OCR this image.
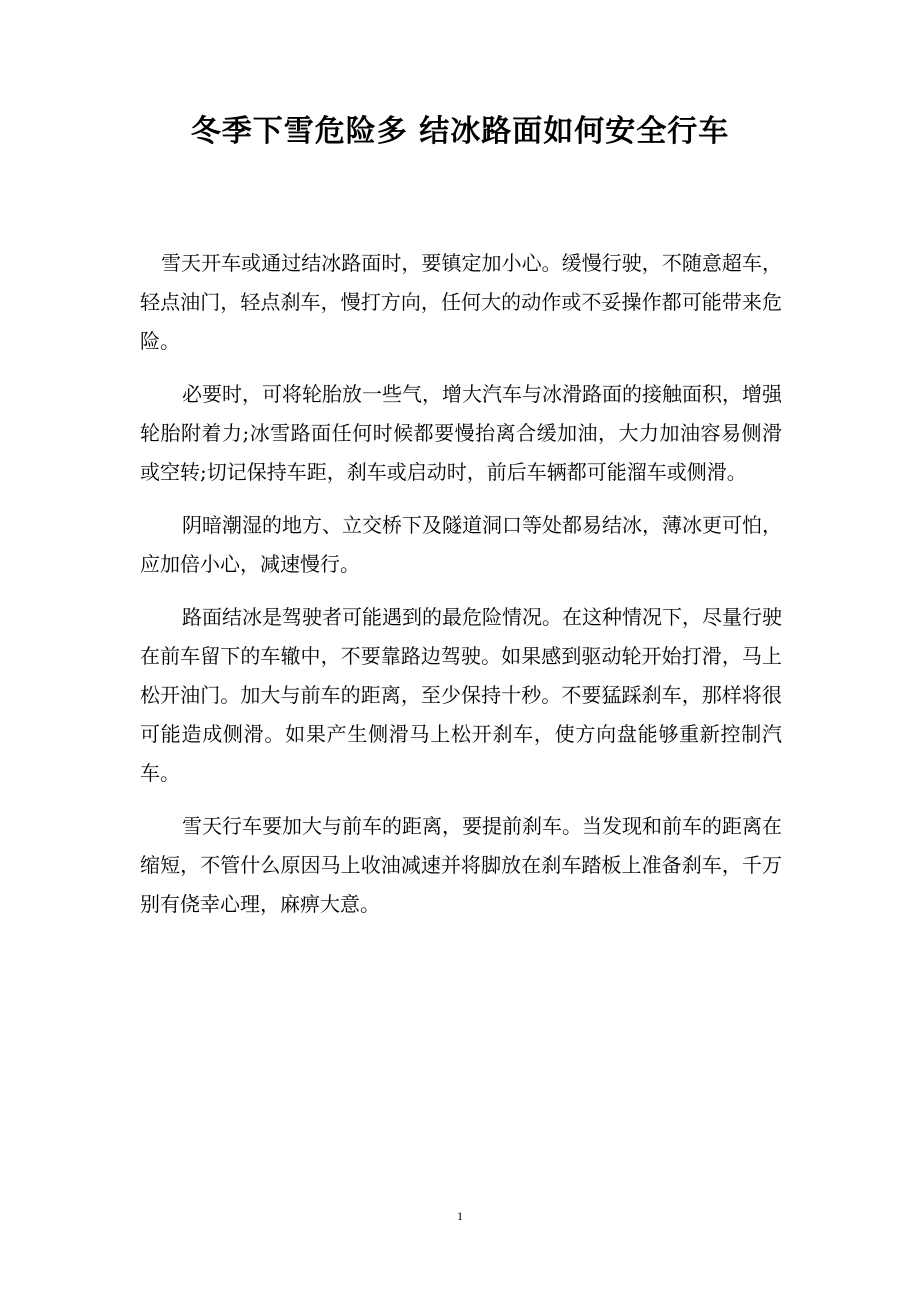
冬季下雪危险多 结冰路面如何安全行车

雪天开车或通过结冰路面时，要镇定加小心。缓慢行驶，不随意超车，轻点油门，轻点刹车，慢打方向，任何大的动作或不妥操作都可能带来危险。

必要时，可将轮胎放一些气，增大汽车与冰滑路面的接触面积，增强轮胎附着力;冰雪路面任何时候都要慢抬离合缓加油，大力加油容易侧滑或空转;切记保持车距，刹车或启动时，前后车辆都可能溜车或侧滑。

阴暗潮湿的地方、立交桥下及隧道洞口等处都易结冰，薄冰更可怕，应加倍小心，减速慢行。

路面结冰是驾驶者可能遇到的最危险情况。在这种情况下，尽量行驶在前车留下的车辙中，不要靠路边驾驶。如果感到驱动轮开始打滑，马上松开油门。加大与前车的距离，至少保持十秒。不要猛踩刹车，那样将很可能造成侧滑。如果产生侧滑马上松开刹车，使方向盘能够重新控制汽车。

雪天行车要加大与前车的距离，要提前刹车。当发现和前车的距离在缩短，不管什么原因马上收油减速并将脚放在刹车踏板上准备刹车，千万别有侥幸心理，麻痹大意。

1
